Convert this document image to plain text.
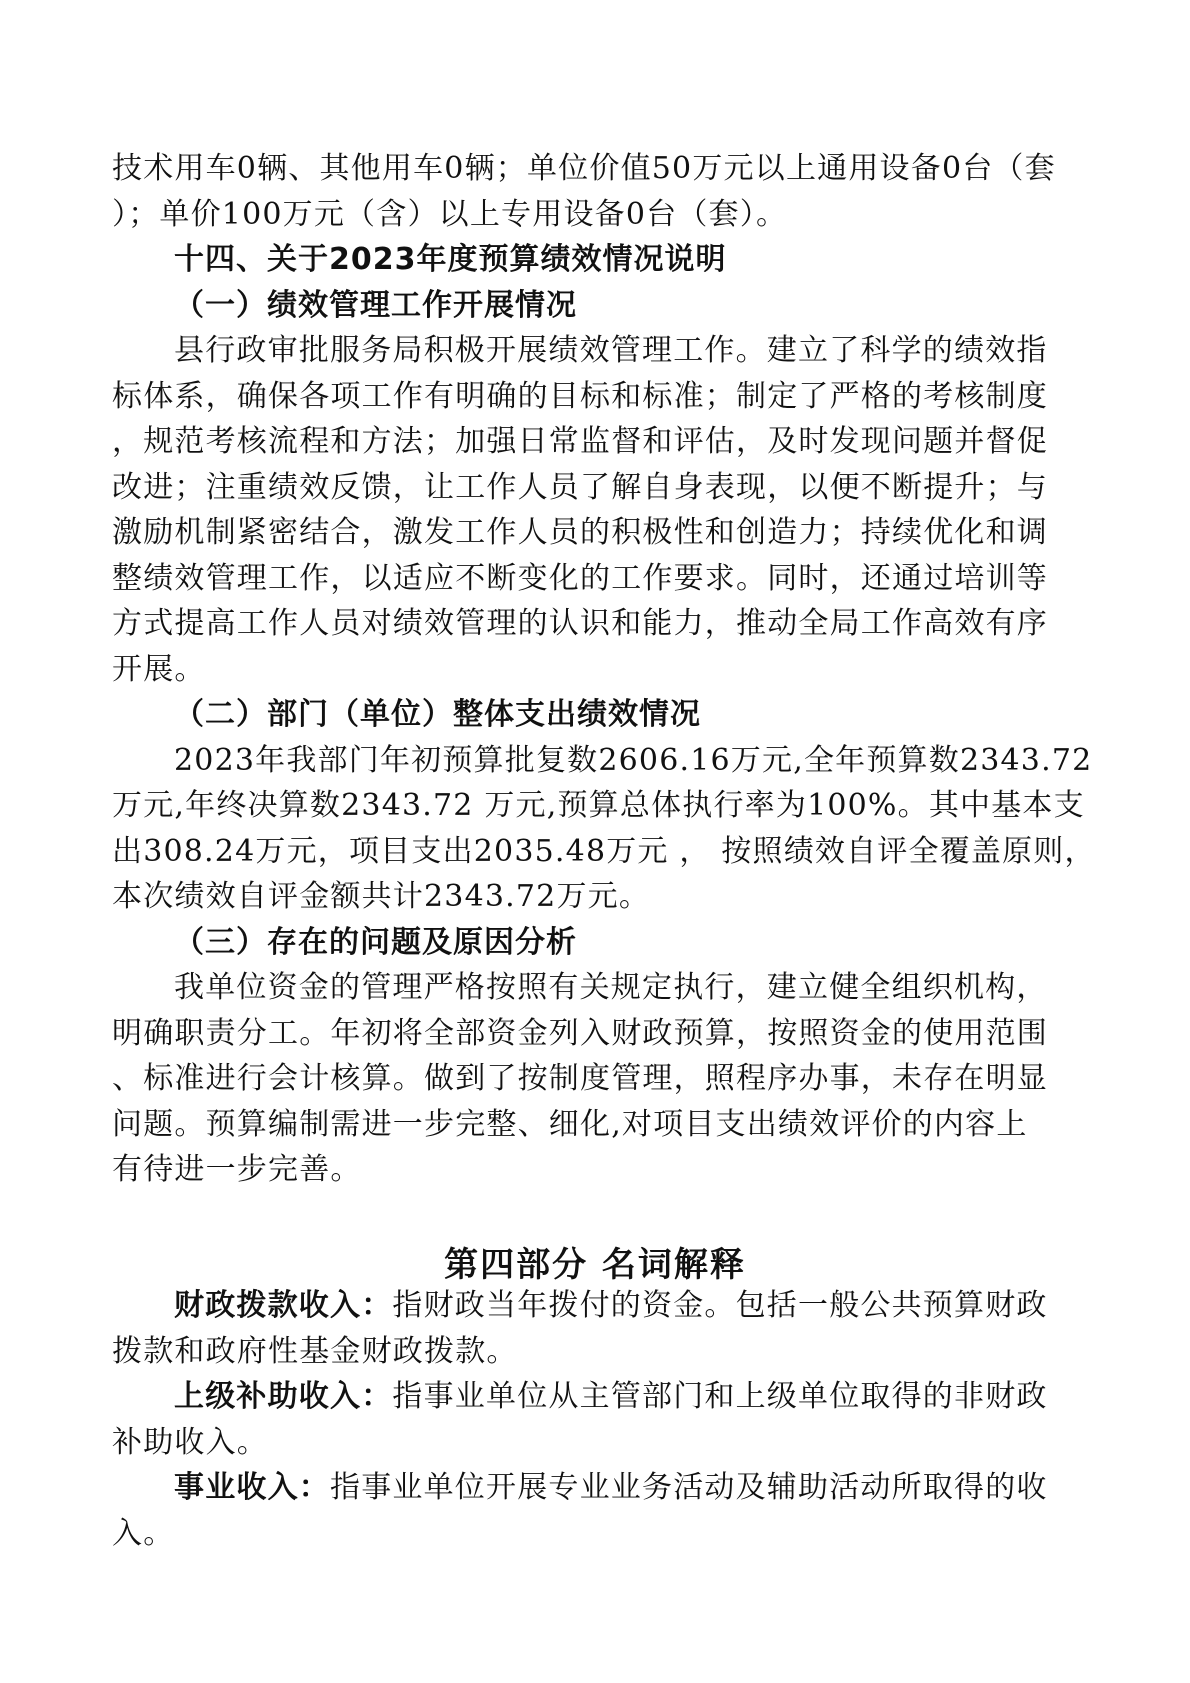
技术用车0辆、其他用车0辆；单位价值50万元以上通用设备0台（套
）；单价100万元（含）以上专用设备0台（套）。
十四、关于2023年度预算绩效情况说明
（一）绩效管理工作开展情况
县行政审批服务局积极开展绩效管理工作。建立了科学的绩效指
标体系，确保各项工作有明确的目标和标准；制定了严格的考核制度
，规范考核流程和方法；加强日常监督和评估，及时发现问题并督促
改进；注重绩效反馈，让工作人员了解自身表现，以便不断提升；与
激励机制紧密结合，激发工作人员的积极性和创造力；持续优化和调
整绩效管理工作，以适应不断变化的工作要求。同时，还通过培训等
方式提高工作人员对绩效管理的认识和能力，推动全局工作高效有序
开展。
（二）部门（单位）整体支出绩效情况
2023年我部门年初预算批复数2606.16万元,全年预算数2343.72
万元,年终决算数2343.72 万元,预算总体执行率为100%。其中基本支
出308.24万元，项目支出2035.48万元 ， 按照绩效自评全覆盖原则，
本次绩效自评金额共计2343.72万元。
（三）存在的问题及原因分析
我单位资金的管理严格按照有关规定执行，建立健全组织机构，
明确职责分工。年初将全部资金列入财政预算，按照资金的使用范围
、标准进行会计核算。做到了按制度管理，照程序办事，未存在明显
问题。预算编制需进一步完整、细化,对项目支出绩效评价的内容上
有待进一步完善。
第四部分 名词解释
财政拨款收入：指财政当年拨付的资金。包括一般公共预算财政
拨款和政府性基金财政拨款。
上级补助收入：指事业单位从主管部门和上级单位取得的非财政
补助收入。
事业收入：指事业单位开展专业业务活动及辅助活动所取得的收
入。
